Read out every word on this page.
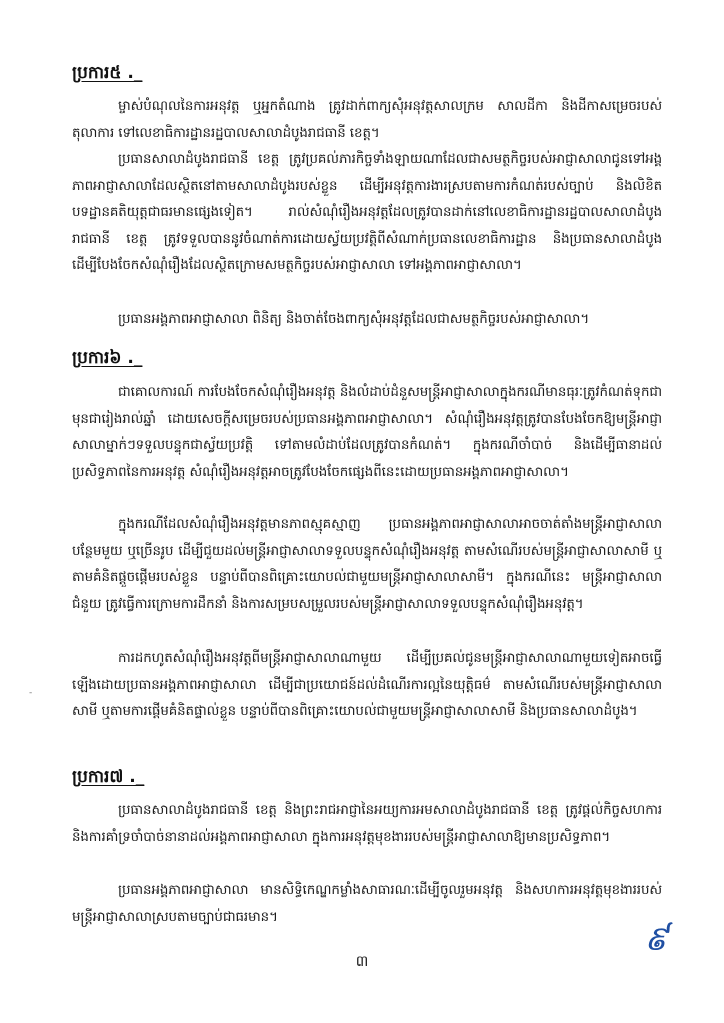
ប្រការ៥ ._

ម្ចាស់បំណុលនៃការអនុវត្ត ឬអ្នកតំណាង ត្រូវដាក់ពាក្យសុំអនុវត្តសាលក្រម សាលដីកា និងដីកាសម្រេចរបស់តុលាការ ទៅលេខាធិការដ្ឋានរដ្ឋបាលសាលាដំបូងរាជធានី ខេត្ត។

ប្រធានសាលាដំបូងរាជធានី ខេត្ត ត្រូវប្រគល់ភារកិច្ចទាំងឡាយណាដែលជាសមត្ថកិច្ចរបស់អាជ្ញាសាលាជូនទៅអង្គភាពអាជ្ញាសាលាដែលស្ថិតនៅតាមសាលាដំបូងរបស់ខ្លួន ដើម្បីអនុវត្តការងារស្របតាមការកំណត់របស់ច្បាប់ និងលិខិតបទដ្ឋានគតិយុត្តជាធរមានផ្សេងទៀត។ រាល់សំណុំរឿងអនុវត្តដែលត្រូវបានដាក់នៅលេខាធិការដ្ឋានរដ្ឋបាលសាលាដំបូងរាជធានី ខេត្ត ត្រូវទទួលបាននូវចំណាត់ការដោយស្វ័យប្រវត្តិពីសំណាក់ប្រធានលេខាធិការដ្ឋាន និងប្រធានសាលាដំបូង ដើម្បីបែងចែកសំណុំរឿងដែលស្ថិតក្រោមសមត្ថកិច្ចរបស់អាជ្ញាសាលា ទៅអង្គភាពអាជ្ញាសាលា។

ប្រធានអង្គភាពអាជ្ញាសាលា ពិនិត្យ និងចាត់ចែងពាក្យសុំអនុវត្តដែលជាសមត្ថកិច្ចរបស់អាជ្ញាសាលា។

ប្រការ៦ ._

ជាគោលការណ៍ ការបែងចែកសំណុំរឿងអនុវត្ត និងលំដាប់ដំនួសមន្ត្រីអាជ្ញាសាលាក្នុងករណីមានធុរៈត្រូវកំណត់ទុកជាមុនជារៀងរាល់ឆ្នាំ ដោយសេចក្តីសម្រេចរបស់ប្រធានអង្គភាពអាជ្ញាសាលា។ សំណុំរឿងអនុវត្តត្រូវបានបែងចែកឱ្យមន្ត្រីអាជ្ញាសាលាម្នាក់ៗទទួលបន្ទុកជាស្វ័យប្រវត្តិ ទៅតាមលំដាប់ដែលត្រូវបានកំណត់។ ក្នុងករណីចាំបាច់ និងដើម្បីធានាដល់ប្រសិទ្ធភាពនៃការអនុវត្ត សំណុំរឿងអនុវត្តអាចត្រូវបែងចែកផ្សេងពីនេះដោយប្រធានអង្គភាពអាជ្ញាសាលា។

ក្នុងករណីដែលសំណុំរឿងអនុវត្តមានភាពស្មុគស្មាញ ប្រធានអង្គភាពអាជ្ញាសាលាអាចចាត់តាំងមន្ត្រីអាជ្ញាសាលាបន្ថែមមួយ ឬច្រើនរូប ដើម្បីជួយដល់មន្ត្រីអាជ្ញាសាលាទទួលបន្ទុកសំណុំរឿងអនុវត្ត តាមសំណើរបស់មន្ត្រីអាជ្ញាសាលាសាមី ឬតាមគំនិតផ្តួចផ្តើមរបស់ខ្លួន បន្ទាប់ពីបានពិគ្រោះយោបល់ជាមួយមន្ត្រីអាជ្ញាសាលាសាមី។ ក្នុងករណីនេះ មន្ត្រីអាជ្ញាសាលាជំនួយ ត្រូវធ្វើការក្រោមការដឹកនាំ និងការសម្របសម្រួលរបស់មន្ត្រីអាជ្ញាសាលាទទួលបន្ទុកសំណុំរឿងអនុវត្ត។

ការដកហូតសំណុំរឿងអនុវត្តពីមន្ត្រីអាជ្ញាសាលាណាមួយ ដើម្បីប្រគល់ជូនមន្ត្រីអាជ្ញាសាលាណាមួយទៀតអាចធ្វើឡើងដោយប្រធានអង្គភាពអាជ្ញាសាលា ដើម្បីជាប្រយោជន៍ដល់ដំណើរការល្អនៃយុត្តិធម៌ តាមសំណើរបស់មន្ត្រីអាជ្ញាសាលាសាមី ឬតាមការផ្តើមគំនិតផ្ទាល់ខ្លួន បន្ទាប់ពីបានពិគ្រោះយោបល់ជាមួយមន្ត្រីអាជ្ញាសាលាសាមី និងប្រធានសាលាដំបូង។

ប្រការ៧ ._

ប្រធានសាលាដំបូងរាជធានី ខេត្ត និងព្រះរាជអាជ្ញានៃអយ្យការអមសាលាដំបូងរាជធានី ខេត្ត ត្រូវផ្តល់កិច្ចសហការ និងការគាំទ្រចាំបាច់នានាដល់អង្គភាពអាជ្ញាសាលា ក្នុងការអនុវត្តមុខងាររបស់មន្ត្រីអាជ្ញាសាលាឱ្យមានប្រសិទ្ធភាព។

ប្រធានអង្គភាពអាជ្ញាសាលា មានសិទ្ធិកេណ្ឌកម្លាំងសាធារណៈដើម្បីចូលរួមអនុវត្ត និងសហការអនុវត្តមុខងាររបស់មន្ត្រីអាជ្ញាសាលាស្របតាមច្បាប់ជាធរមាន។

-
៩
៣
